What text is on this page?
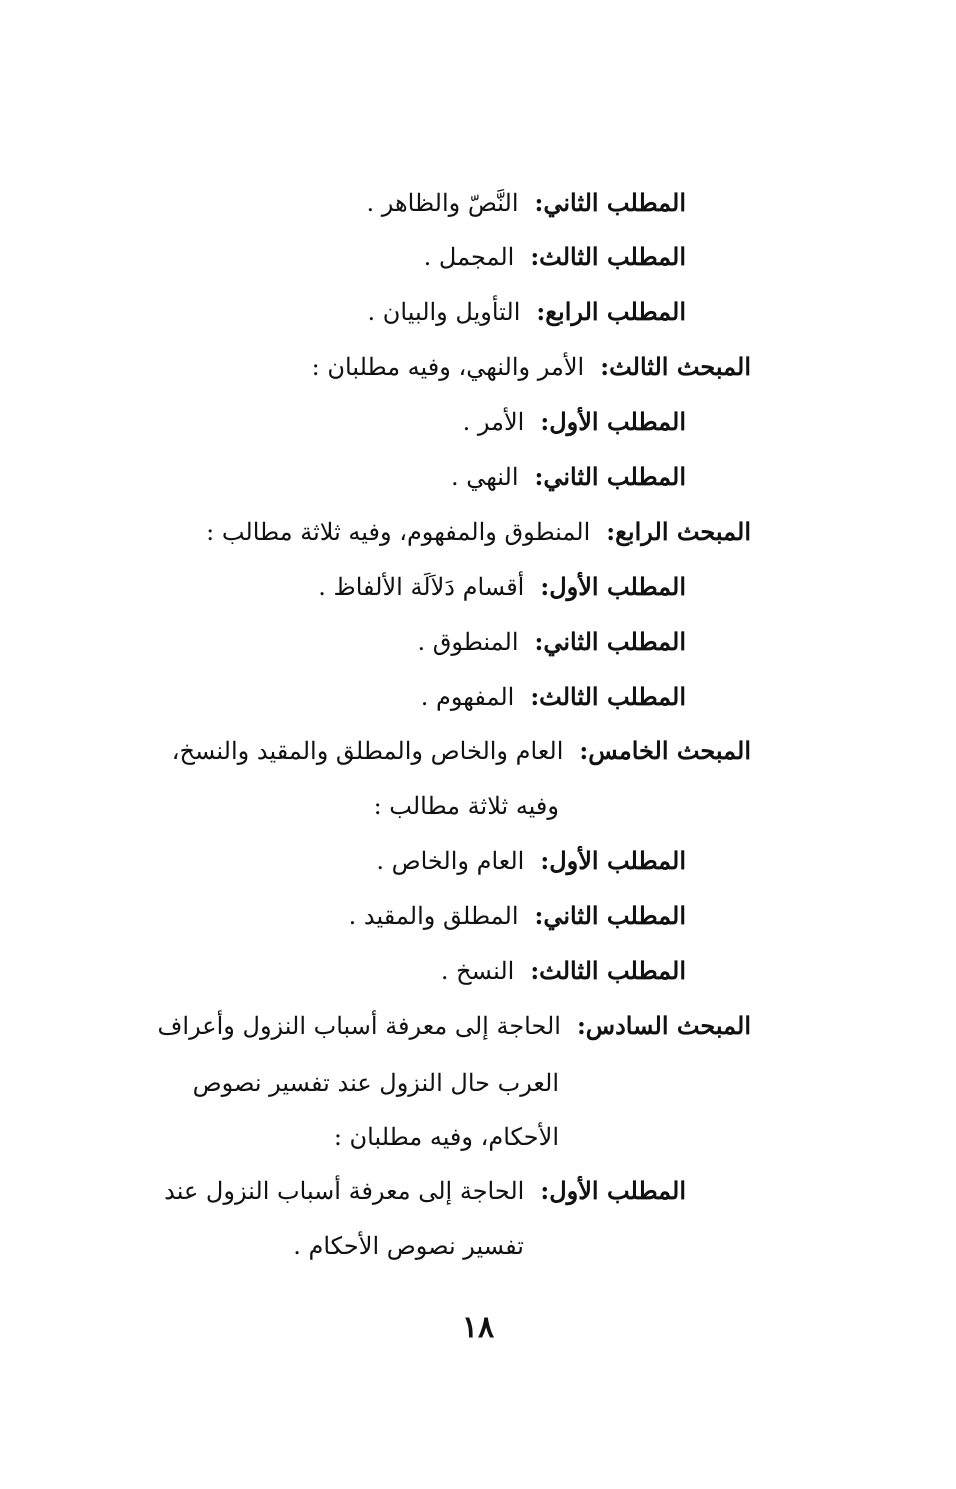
المطلب الثاني:النَّصّ والظاهر .
المطلب الثالث:المجمل .
المطلب الرابع:التأويل والبيان .
المبحث الثالث:الأمر والنهي، وفيه مطلبان :
المطلب الأول:الأمر .
المطلب الثاني:النهي .
المبحث الرابع:المنطوق والمفهوم، وفيه ثلاثة مطالب :
المطلب الأول:أقسام دَلاَلَة الألفاظ .
المطلب الثاني:المنطوق .
المطلب الثالث:المفهوم .
المبحث الخامس:العام والخاص والمطلق والمقيد والنسخ،
وفيه ثلاثة مطالب :
المطلب الأول:العام والخاص .
المطلب الثاني:المطلق والمقيد .
المطلب الثالث:النسخ .
المبحث السادس:الحاجة إلى معرفة أسباب النزول وأعراف
العرب حال النزول عند تفسير نصوص
الأحكام، وفيه مطلبان :
المطلب الأول:الحاجة إلى معرفة أسباب النزول عند
تفسير نصوص الأحكام .
١٨
